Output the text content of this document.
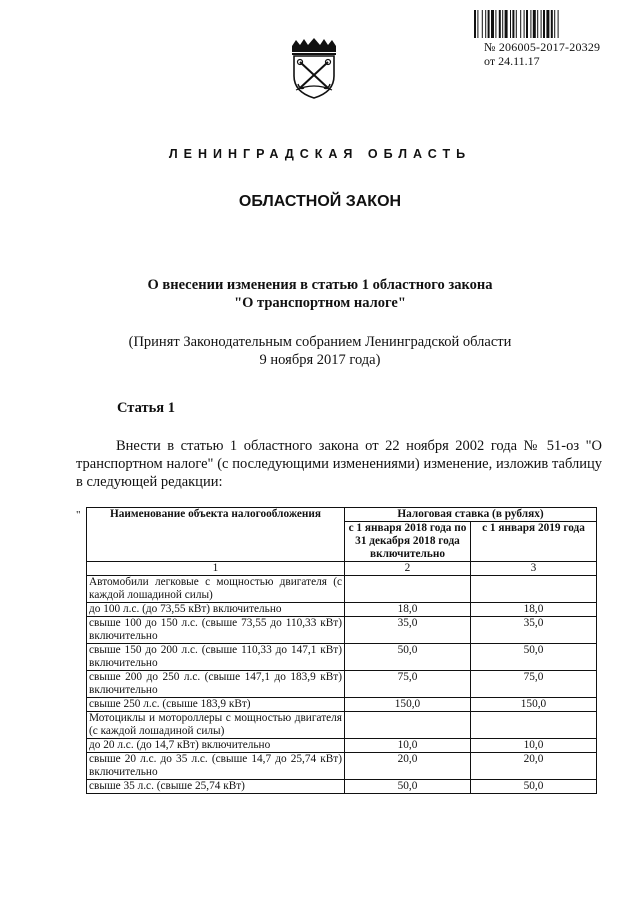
№ 206005-2017-20329
от 24.11.17
ЛЕНИНГРАДСКАЯ ОБЛАСТЬ
ОБЛАСТНОЙ ЗАКОН
О внесении изменения в статью 1 областного закона
"О транспортном налоге"
(Принят Законодательным собранием Ленинградской области
9 ноября 2017 года)
Статья 1
Внести в статью 1 областного закона от 22 ноября 2002 года № 51-оз "О транспортном налоге" (с последующими изменениями) изменение, изложив таблицу в следующей редакции:
"	Наименование объекта налогообложения	Налоговая ставка (в рублях)	
	с 1 января 2018 года по 31 декабря 2018 года включительно	с 1 января 2019 года
1	2	3
Автомобили легковые с мощностью двигателя (с каждой лошадиной силы)		
до 100 л.с. (до 73,55 кВт) включительно	18,0	18,0
свыше 100 до 150 л.с. (свыше 73,55 до 110,33 кВт) включительно	35,0	35,0
свыше 150 до 200 л.с. (свыше 110,33 до 147,1 кВт) включительно	50,0	50,0
свыше 200 до 250 л.с. (свыше 147,1 до 183,9 кВт) включительно	75,0	75,0
свыше 250 л.с. (свыше 183,9 кВт)	150,0	150,0
Мотоциклы и мотороллеры с мощностью двигателя (с каждой лошадиной силы)		
до 20 л.с. (до 14,7 кВт) включительно	10,0	10,0
свыше 20 л.с. до 35 л.с. (свыше 14,7 до 25,74 кВт) включительно	20,0	20,0
свыше 35 л.с. (свыше 25,74 кВт)	50,0	50,0
